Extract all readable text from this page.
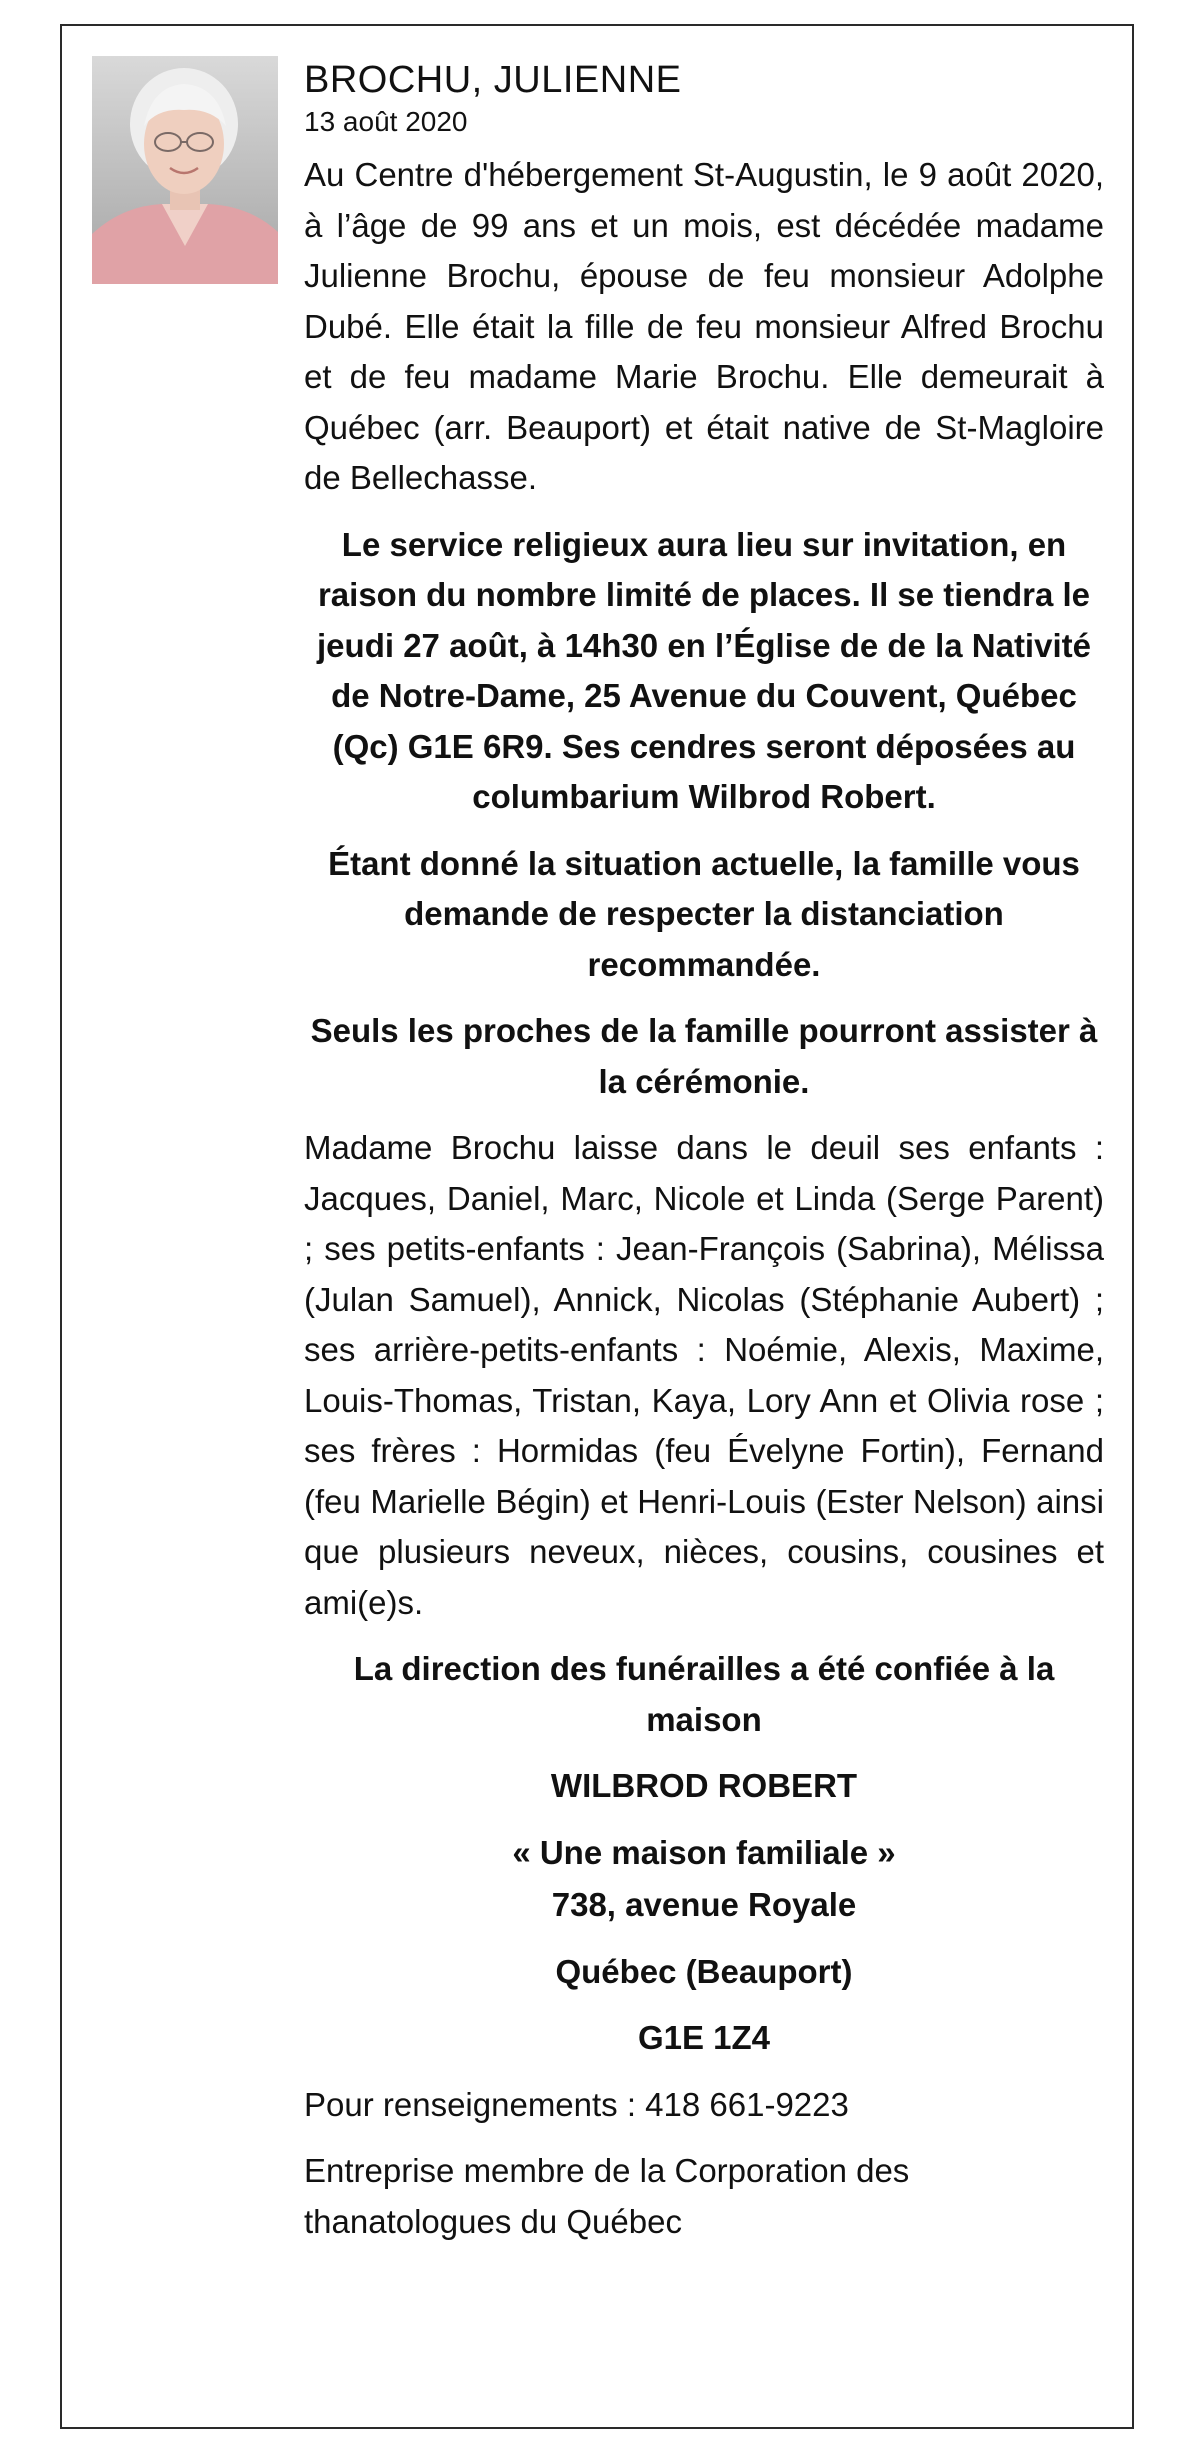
BROCHU, JULIENNE

13 août 2020

Au Centre d'hébergement St-Augustin, le 9 août 2020, à l’âge de 99 ans et un mois, est décédée madame Julienne Brochu, épouse de feu monsieur Adolphe Dubé. Elle était la fille de feu monsieur Alfred Brochu et de feu madame Marie Brochu. Elle demeurait à Québec (arr. Beauport) et était native de St-Magloire de Bellechasse.

Le service religieux aura lieu sur invitation, en raison du nombre limité de places. Il se tiendra le jeudi 27 août, à 14h30 en l’Église de de la Nativité de Notre-Dame, 25 Avenue du Couvent, Québec (Qc) G1E 6R9. Ses cendres seront déposées au columbarium Wilbrod Robert.

Étant donné la situation actuelle, la famille vous demande de respecter la distanciation recommandée.

Seuls les proches de la famille pourront assister à la cérémonie.

Madame Brochu laisse dans le deuil ses enfants : Jacques, Daniel, Marc, Nicole et Linda (Serge Parent) ; ses petits-enfants : Jean-François (Sabrina), Mélissa (Julan Samuel), Annick, Nicolas (Stéphanie Aubert) ; ses arrière-petits-enfants : Noémie, Alexis, Maxime, Louis-Thomas, Tristan, Kaya, Lory Ann et Olivia rose ; ses frères : Hormidas (feu Évelyne Fortin), Fernand (feu Marielle Bégin) et Henri-Louis (Ester Nelson) ainsi que plusieurs neveux, nièces, cousins, cousines et ami(e)s.

La direction des funérailles a été confiée à la maison

WILBROD ROBERT

« Une maison familiale »

738, avenue Royale

Québec (Beauport)

G1E 1Z4

Pour renseignements : 418 661-9223

Entreprise membre de la Corporation des thanatologues du Québec
